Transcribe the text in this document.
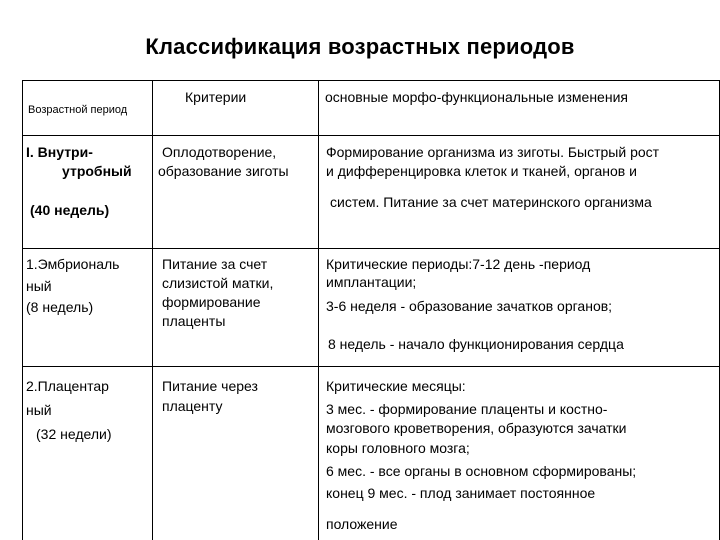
Классификация возрастных периодов
Возрастной период
Критерии	основные морфо-функциональные изменения
I. Внутри-
утробный
(40 недель)
Оплодотворение,
образование зиготы
Формирование организма из зиготы. Быстрый рост
и дифференцировка клеток и тканей, органов и
систем. Питание за счет материнского организма
1.Эмбриональ
ный
(8 недель)
Питание за счет
слизистой матки,
формирование
плаценты
Критические периоды:7-12 день -период
имплантации;
3-6 неделя - образование зачатков органов;
8 недель - начало функционирования сердца
2.Плацентар
ный
(32 недели)
Питание через
плаценту
Критические месяцы:
3 мес. - формирование плаценты и костно-
мозгового кроветворения, образуются зачатки
коры головного мозга;
6 мес. - все органы в основном сформированы;
конец 9 мес. - плод занимает постоянное
положение
